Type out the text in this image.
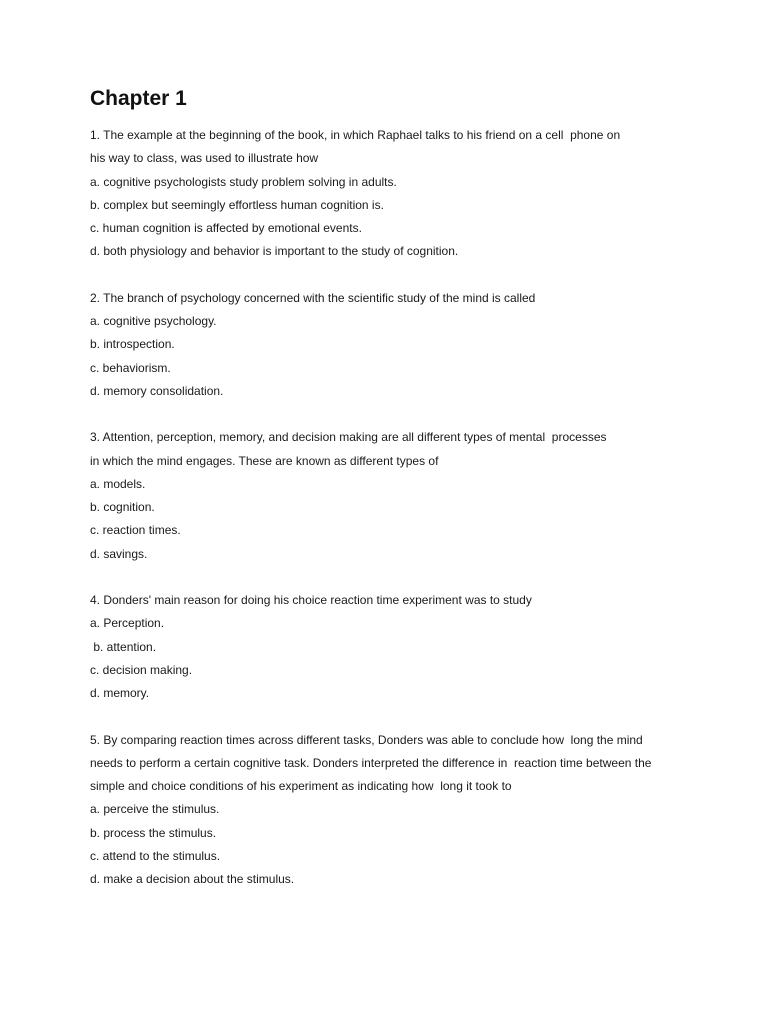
Chapter 1

1. The example at the beginning of the book, in which Raphael talks to his friend on a cell  phone on

his way to class, was used to illustrate how

a. cognitive psychologists study problem solving in adults.

b. complex but seemingly effortless human cognition is.

c. human cognition is affected by emotional events.

d. both physiology and behavior is important to the study of cognition.

2. The branch of psychology concerned with the scientific study of the mind is called

a. cognitive psychology.

b. introspection.

c. behaviorism.

d. memory consolidation.

3. Attention, perception, memory, and decision making are all different types of mental  processes

in which the mind engages. These are known as different types of

a. models.

b. cognition.

c. reaction times.

d. savings.

4. Donders' main reason for doing his choice reaction time experiment was to study

a. Perception.

b. attention.

c. decision making.

d. memory.

5. By comparing reaction times across different tasks, Donders was able to conclude how  long the mind

needs to perform a certain cognitive task. Donders interpreted the difference in  reaction time between the

simple and choice conditions of his experiment as indicating how  long it took to

a. perceive the stimulus.

b. process the stimulus.

c. attend to the stimulus.

d. make a decision about the stimulus.
